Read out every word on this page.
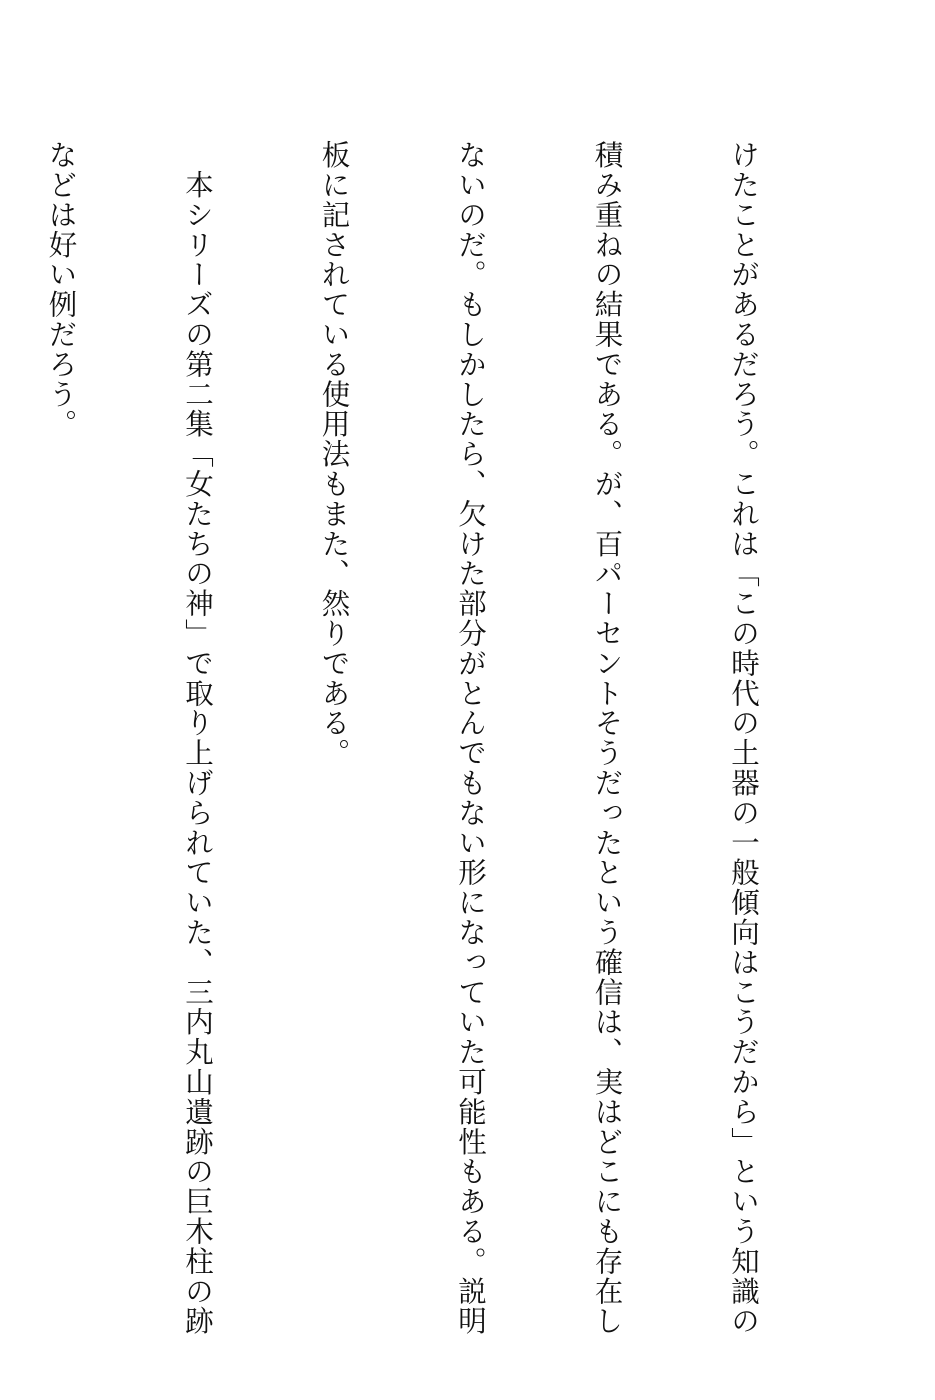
けたことがあるだろう。これは「この時代の土器の一般傾向はこうだから」という知識の

積み重ねの結果である。が、百パーセントそうだったという確信は、実はどこにも存在し

ないのだ。もしかしたら、欠けた部分がとんでもない形になっていた可能性もある。説明

板に記されている使用法もまた、然りである。

　本シリーズの第二集「女たちの神」で取り上げられていた、三内丸山遺跡の巨木柱の跡

などは好い例だろう。
